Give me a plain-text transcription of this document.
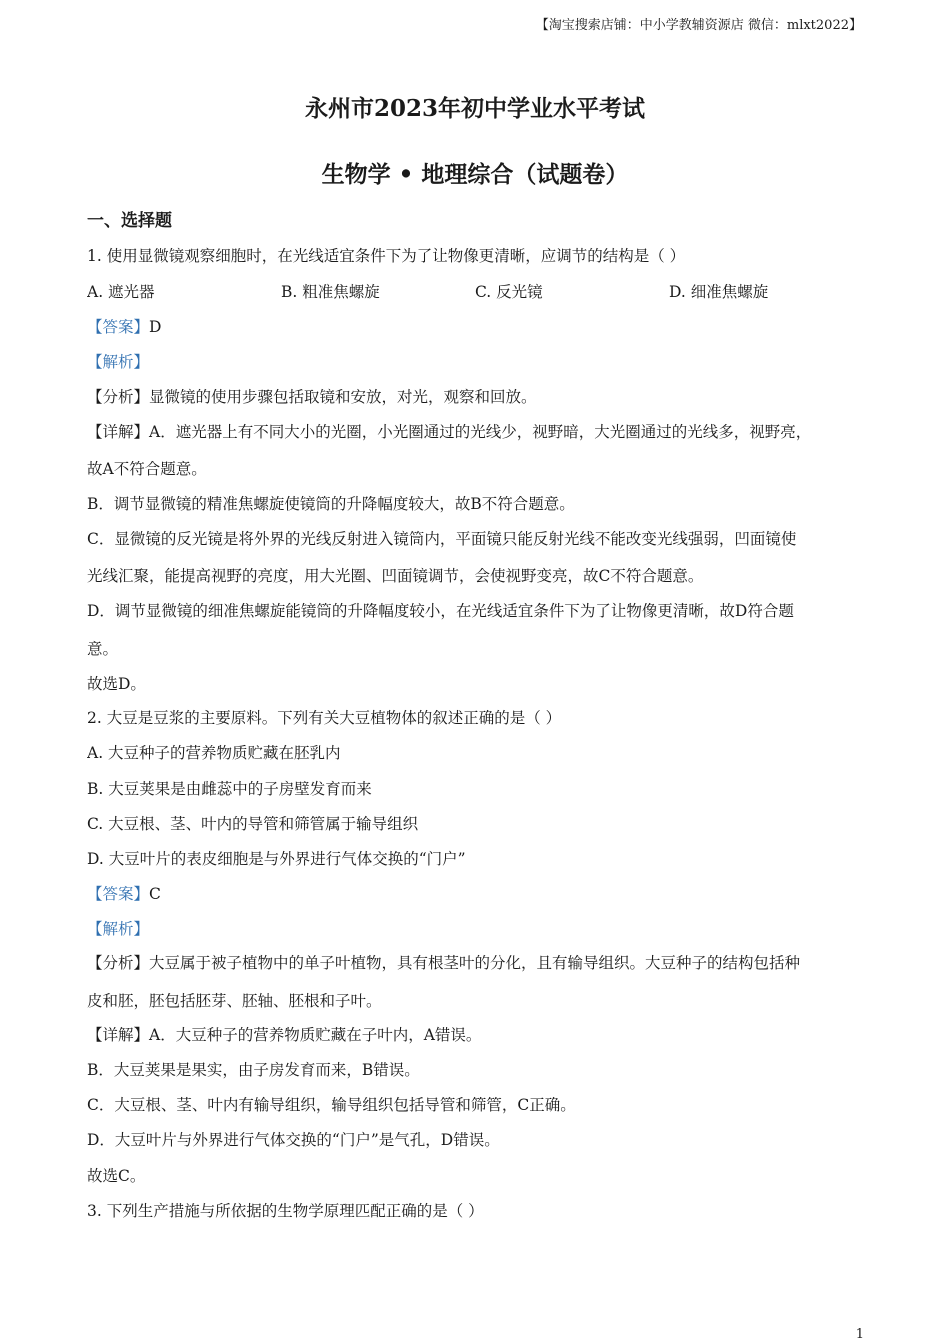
【淘宝搜索店铺：中小学教辅资源店 微信：mlxt2022】
永州市2023年初中学业水平考试
生物学 • 地理综合（试题卷）
一、选择题
1. 使用显微镜观察细胞时，在光线适宜条件下为了让物像更清晰，应调节的结构是（ ）
A. 遮光器	B. 粗准焦螺旋	C. 反光镜	D. 细准焦螺旋
【答案】D
【解析】
【分析】显微镜的使用步骤包括取镜和安放，对光，观察和回放。
【详解】A．遮光器上有不同大小的光圈，小光圈通过的光线少，视野暗，大光圈通过的光线多，视野亮，
故A不符合题意。
B．调节显微镜的精准焦螺旋使镜筒的升降幅度较大，故B不符合题意。
C．显微镜的反光镜是将外界的光线反射进入镜筒内，平面镜只能反射光线不能改变光线强弱，凹面镜使
光线汇聚，能提高视野的亮度，用大光圈、凹面镜调节，会使视野变亮，故C不符合题意。
D．调节显微镜的细准焦螺旋能镜筒的升降幅度较小，在光线适宜条件下为了让物像更清晰，故D符合题
意。
故选D。
2. 大豆是豆浆的主要原料。下列有关大豆植物体的叙述正确的是（ ）
A. 大豆种子的营养物质贮藏在胚乳内
B. 大豆荚果是由雌蕊中的子房壁发育而来
C. 大豆根、茎、叶内的导管和筛管属于输导组织
D. 大豆叶片的表皮细胞是与外界进行气体交换的“门户”
【答案】C
【解析】
【分析】大豆属于被子植物中的单子叶植物，具有根茎叶的分化，且有输导组织。大豆种子的结构包括种
皮和胚，胚包括胚芽、胚轴、胚根和子叶。
【详解】A．大豆种子的营养物质贮藏在子叶内，A错误。
B．大豆荚果是果实，由子房发育而来，B错误。
C．大豆根、茎、叶内有输导组织，输导组织包括导管和筛管，C正确。
D．大豆叶片与外界进行气体交换的“门户”是气孔，D错误。
故选C。
3. 下列生产措施与所依据的生物学原理匹配正确的是（ ）
1
